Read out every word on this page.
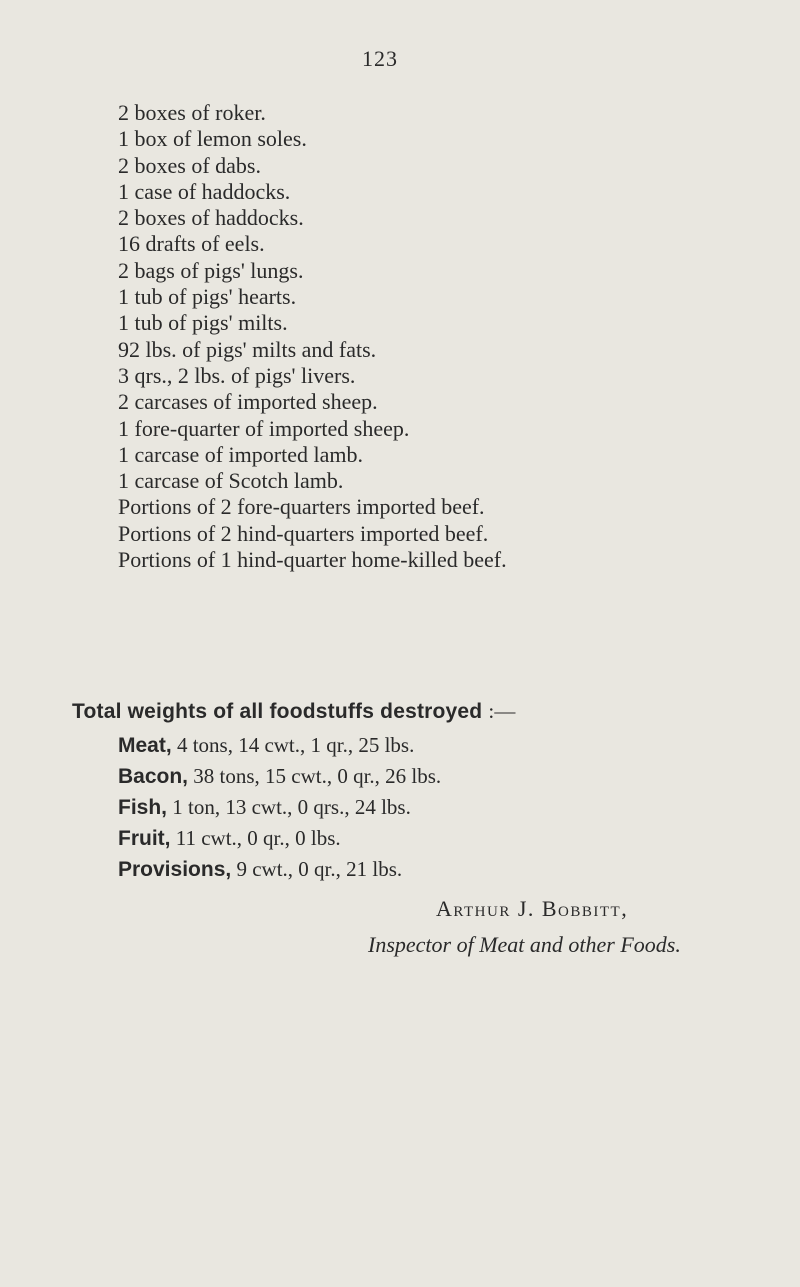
123
2 boxes of roker.
1 box of lemon soles.
2 boxes of dabs.
1 case of haddocks.
2 boxes of haddocks.
16 drafts of eels.
2 bags of pigs' lungs.
1 tub of pigs' hearts.
1 tub of pigs' milts.
92 lbs. of pigs' milts and fats.
3 qrs., 2 lbs. of pigs' livers.
2 carcases of imported sheep.
1 fore-quarter of imported sheep.
1 carcase of imported lamb.
1 carcase of Scotch lamb.
Portions of 2 fore-quarters imported beef.
Portions of 2 hind-quarters imported beef.
Portions of 1 hind-quarter home-killed beef.
Total weights of all foodstuffs destroyed :—
Meat, 4 tons, 14 cwt., 1 qr., 25 lbs.
Bacon, 38 tons, 15 cwt., 0 qr., 26 lbs.
Fish, 1 ton, 13 cwt., 0 qrs., 24 lbs.
Fruit, 11 cwt., 0 qr., 0 lbs.
Provisions, 9 cwt., 0 qr., 21 lbs.
Arthur J. Bobbitt,
Inspector of Meat and other Foods.
